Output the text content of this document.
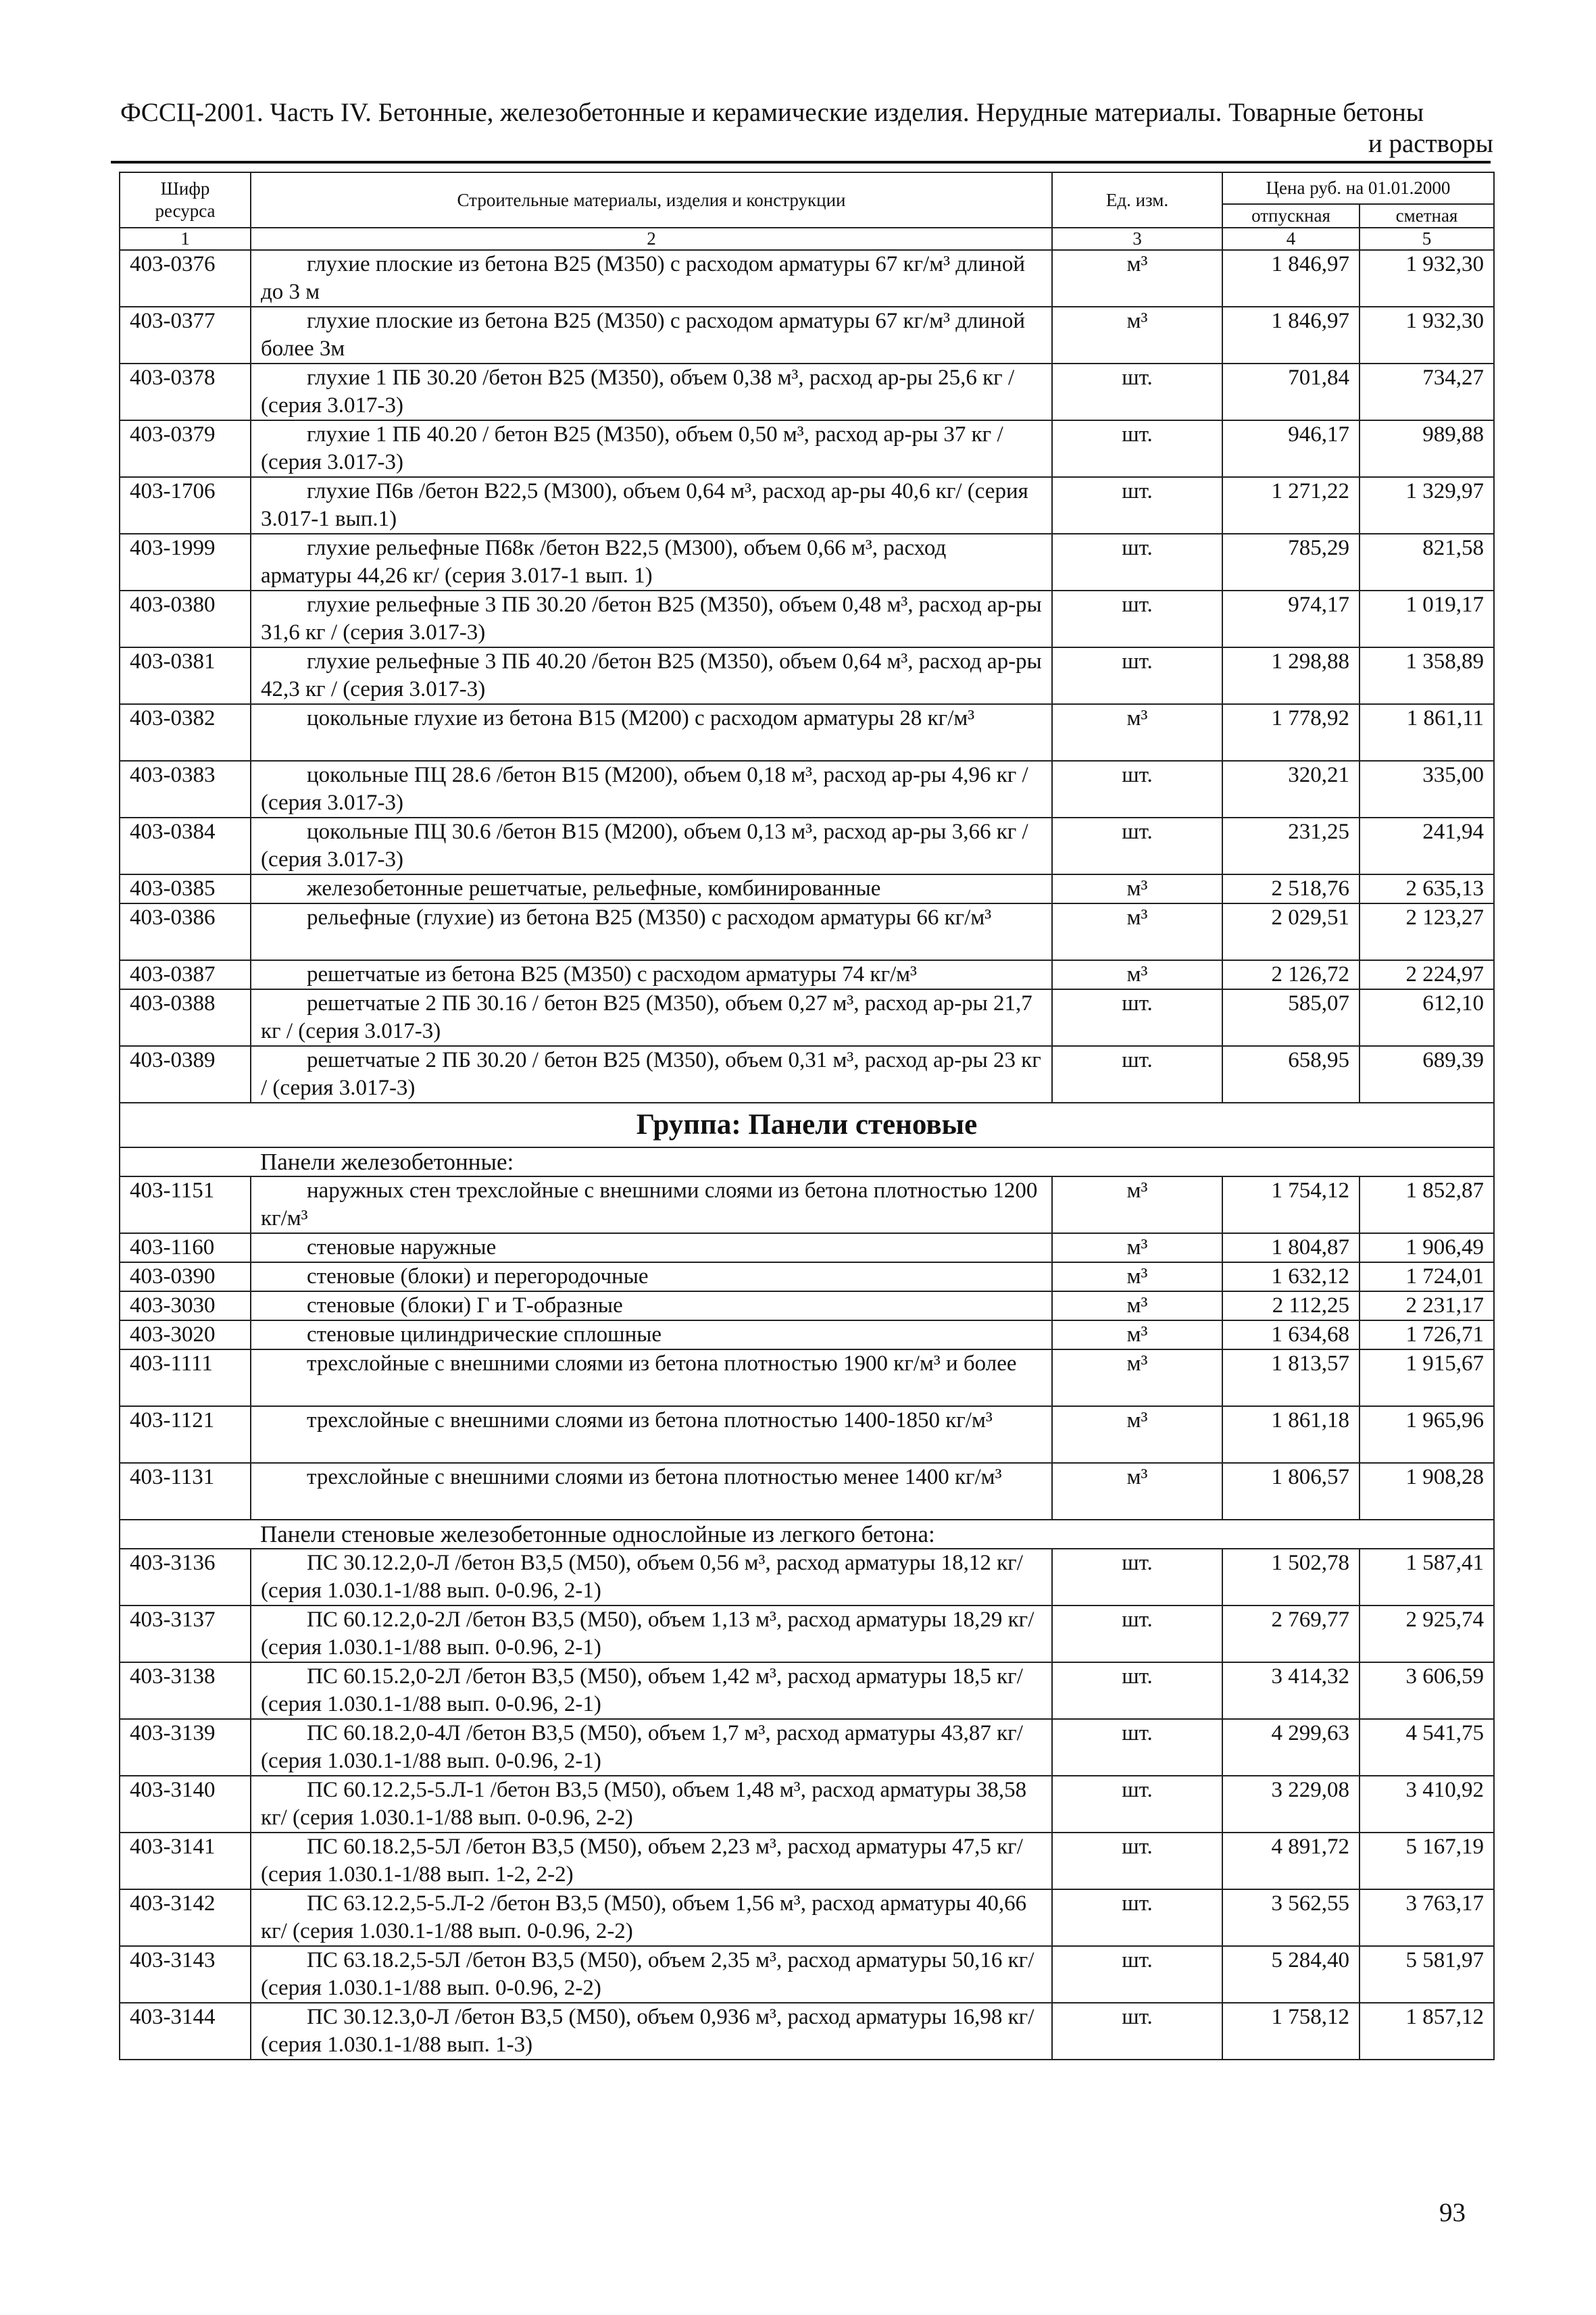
ФССЦ-2001. Часть IV. Бетонные, железобетонные и керамические изделия. Нерудные материалы. Товарные бетоны
и растворы
Шифр ресурса	Строительные материалы, изделия и конструкции	Ед. изм.	Цена руб. на 01.01.2000	
			отпускная	сметная
1	2	3	4	5
403-0376	глухие плоские из бетона В25 (М350) с расходом арматуры 67 кг/м³ длиной до 3 м	м³	1 846,97	1 932,30
403-0377	глухие плоские из бетона В25 (М350) с расходом арматуры 67 кг/м³ длиной более 3м	м³	1 846,97	1 932,30
403-0378	глухие 1 ПБ 30.20 /бетон В25 (М350), объем 0,38 м³, расход ар-ры 25,6 кг / (серия 3.017-3)	шт.	701,84	734,27
403-0379	глухие 1 ПБ 40.20 / бетон В25 (М350), объем 0,50 м³, расход ар-ры 37 кг / (серия 3.017-3)	шт.	946,17	989,88
403-1706	глухие П6в /бетон В22,5 (М300), объем 0,64 м³, расход ар-ры 40,6 кг/ (серия 3.017-1 вып.1)	шт.	1 271,22	1 329,97
403-1999	глухие рельефные П68к /бетон В22,5 (М300), объем 0,66 м³, расход арматуры 44,26 кг/ (серия 3.017-1 вып. 1)	шт.	785,29	821,58
403-0380	глухие рельефные 3 ПБ 30.20 /бетон В25 (М350), объем 0,48 м³, расход ар-ры 31,6 кг / (серия 3.017-3)	шт.	974,17	1 019,17
403-0381	глухие рельефные 3 ПБ 40.20 /бетон В25 (М350), объем 0,64 м³, расход ар-ры 42,3 кг / (серия 3.017-3)	шт.	1 298,88	1 358,89
403-0382	цокольные глухие из бетона В15 (М200) с расходом арматуры 28 кг/м³	м³	1 778,92	1 861,11
403-0383	цокольные ПЦ 28.6 /бетон В15 (М200), объем 0,18 м³, расход ар-ры 4,96 кг / (серия 3.017-3)	шт.	320,21	335,00
403-0384	цокольные ПЦ 30.6 /бетон В15 (М200), объем 0,13 м³, расход ар-ры 3,66 кг / (серия 3.017-3)	шт.	231,25	241,94
403-0385	железобетонные решетчатые, рельефные, комбинированные	м³	2 518,76	2 635,13
403-0386	рельефные (глухие) из бетона В25 (М350) с расходом арматуры 66 кг/м³	м³	2 029,51	2 123,27
403-0387	решетчатые из бетона В25 (М350) с расходом арматуры 74 кг/м³	м³	2 126,72	2 224,97
403-0388	решетчатые 2 ПБ 30.16 / бетон В25 (М350), объем 0,27 м³, расход ар-ры 21,7 кг / (серия 3.017-3)	шт.	585,07	612,10
403-0389	решетчатые 2 ПБ 30.20 / бетон В25 (М350), объем 0,31 м³, расход ар-ры 23 кг / (серия 3.017-3)	шт.	658,95	689,39
Группа: Панели стеновые				
	Панели железобетонные:			
403-1151	наружных стен трехслойные с внешними слоями из бетона плотностью 1200 кг/м³	м³	1 754,12	1 852,87
403-1160	стеновые наружные	м³	1 804,87	1 906,49
403-0390	стеновые (блоки) и перегородочные	м³	1 632,12	1 724,01
403-3030	стеновые (блоки) Г и Т-образные	м³	2 112,25	2 231,17
403-3020	стеновые цилиндрические сплошные	м³	1 634,68	1 726,71
403-1111	трехслойные с внешними слоями из бетона плотностью 1900 кг/м³ и более	м³	1 813,57	1 915,67
403-1121	трехслойные с внешними слоями из бетона плотностью 1400-1850 кг/м³	м³	1 861,18	1 965,96
403-1131	трехслойные с внешними слоями из бетона плотностью менее 1400 кг/м³	м³	1 806,57	1 908,28
	Панели стеновые железобетонные однослойные из легкого бетона:			
403-3136	ПС 30.12.2,0-Л /бетон В3,5 (М50), объем 0,56 м³, расход арматуры 18,12 кг/ (серия 1.030.1-1/88 вып. 0-0.96, 2-1)	шт.	1 502,78	1 587,41
403-3137	ПС 60.12.2,0-2Л /бетон В3,5 (М50), объем 1,13 м³, расход арматуры 18,29 кг/ (серия 1.030.1-1/88 вып. 0-0.96, 2-1)	шт.	2 769,77	2 925,74
403-3138	ПС 60.15.2,0-2Л /бетон В3,5 (М50), объем 1,42 м³, расход арматуры 18,5 кг/ (серия 1.030.1-1/88 вып. 0-0.96, 2-1)	шт.	3 414,32	3 606,59
403-3139	ПС 60.18.2,0-4Л /бетон В3,5 (М50), объем 1,7 м³, расход арматуры 43,87 кг/ (серия 1.030.1-1/88 вып. 0-0.96, 2-1)	шт.	4 299,63	4 541,75
403-3140	ПС 60.12.2,5-5.Л-1 /бетон В3,5 (М50), объем 1,48 м³, расход арматуры 38,58 кг/ (серия 1.030.1-1/88 вып. 0-0.96, 2-2)	шт.	3 229,08	3 410,92
403-3141	ПС 60.18.2,5-5Л /бетон В3,5 (М50), объем 2,23 м³, расход арматуры 47,5 кг/ (серия 1.030.1-1/88 вып. 1-2, 2-2)	шт.	4 891,72	5 167,19
403-3142	ПС 63.12.2,5-5.Л-2 /бетон В3,5 (М50), объем 1,56 м³, расход арматуры 40,66 кг/ (серия 1.030.1-1/88 вып. 0-0.96, 2-2)	шт.	3 562,55	3 763,17
403-3143	ПС 63.18.2,5-5Л /бетон В3,5 (М50), объем 2,35 м³, расход арматуры 50,16 кг/ (серия 1.030.1-1/88 вып. 0-0.96, 2-2)	шт.	5 284,40	5 581,97
403-3144	ПС 30.12.3,0-Л /бетон В3,5 (М50), объем 0,936 м³, расход арматуры 16,98 кг/ (серия 1.030.1-1/88 вып. 1-3)	шт.	1 758,12	1 857,12
93
